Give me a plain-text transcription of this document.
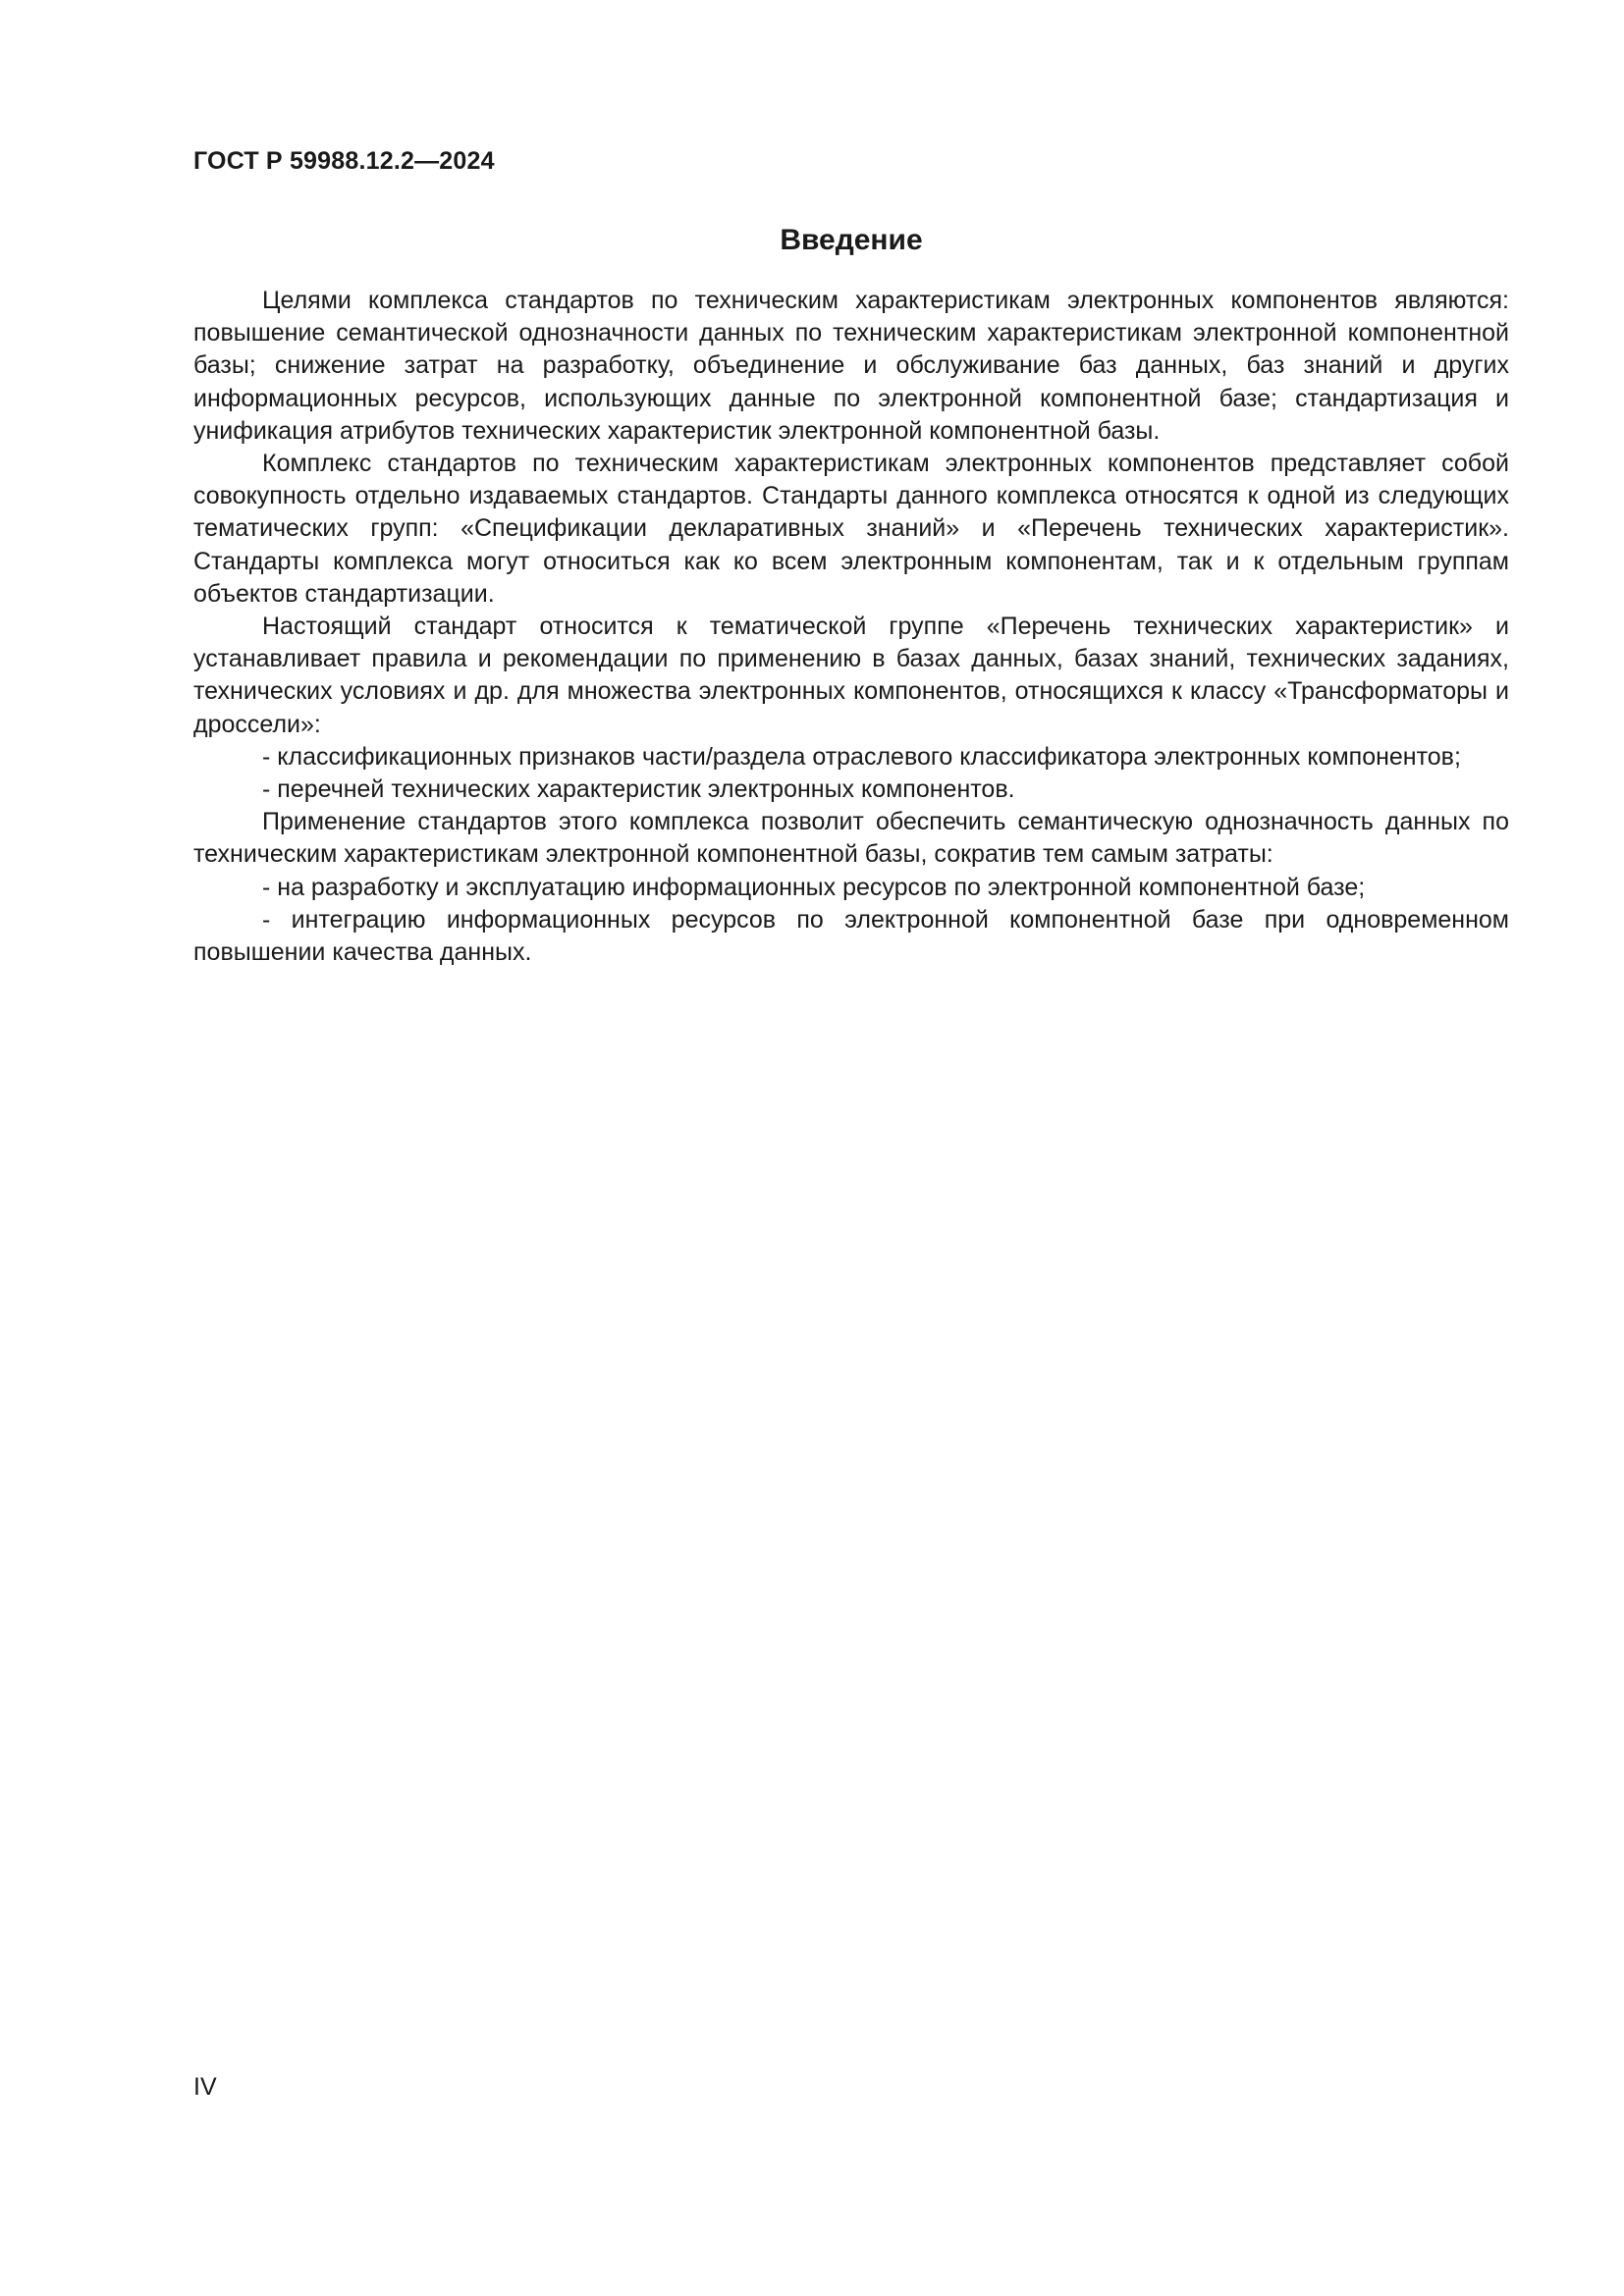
ГОСТ Р 59988.12.2—2024
Введение

Целями комплекса стандартов по техническим характеристикам электронных компонентов являются: повышение семантической однозначности данных по техническим характеристикам электронной компонентной базы; снижение затрат на разработку, объединение и обслуживание баз данных, баз знаний и других информационных ресурсов, использующих данные по электронной компонентной базе; стандартизация и унификация атрибутов технических характеристик электронной компонентной базы.

Комплекс стандартов по техническим характеристикам электронных компонентов представляет собой совокупность отдельно издаваемых стандартов. Стандарты данного комплекса относятся к одной из следующих тематических групп: «Спецификации декларативных знаний» и «Перечень технических характеристик». Стандарты комплекса могут относиться как ко всем электронным компонентам, так и к отдельным группам объектов стандартизации.

Настоящий стандарт относится к тематической группе «Перечень технических характеристик» и устанавливает правила и рекомендации по применению в базах данных, базах знаний, технических заданиях, технических условиях и др. для множества электронных компонентов, относящихся к классу «Трансформаторы и дроссели»:

- классификационных признаков части/раздела отраслевого классификатора электронных компонентов;

- перечней технических характеристик электронных компонентов.

Применение стандартов этого комплекса позволит обеспечить семантическую однозначность данных по техническим характеристикам электронной компонентной базы, сократив тем самым затраты:

- на разработку и эксплуатацию информационных ресурсов по электронной компонентной базе;

- интеграцию информационных ресурсов по электронной компонентной базе при одновременном повышении качества данных.

IV
